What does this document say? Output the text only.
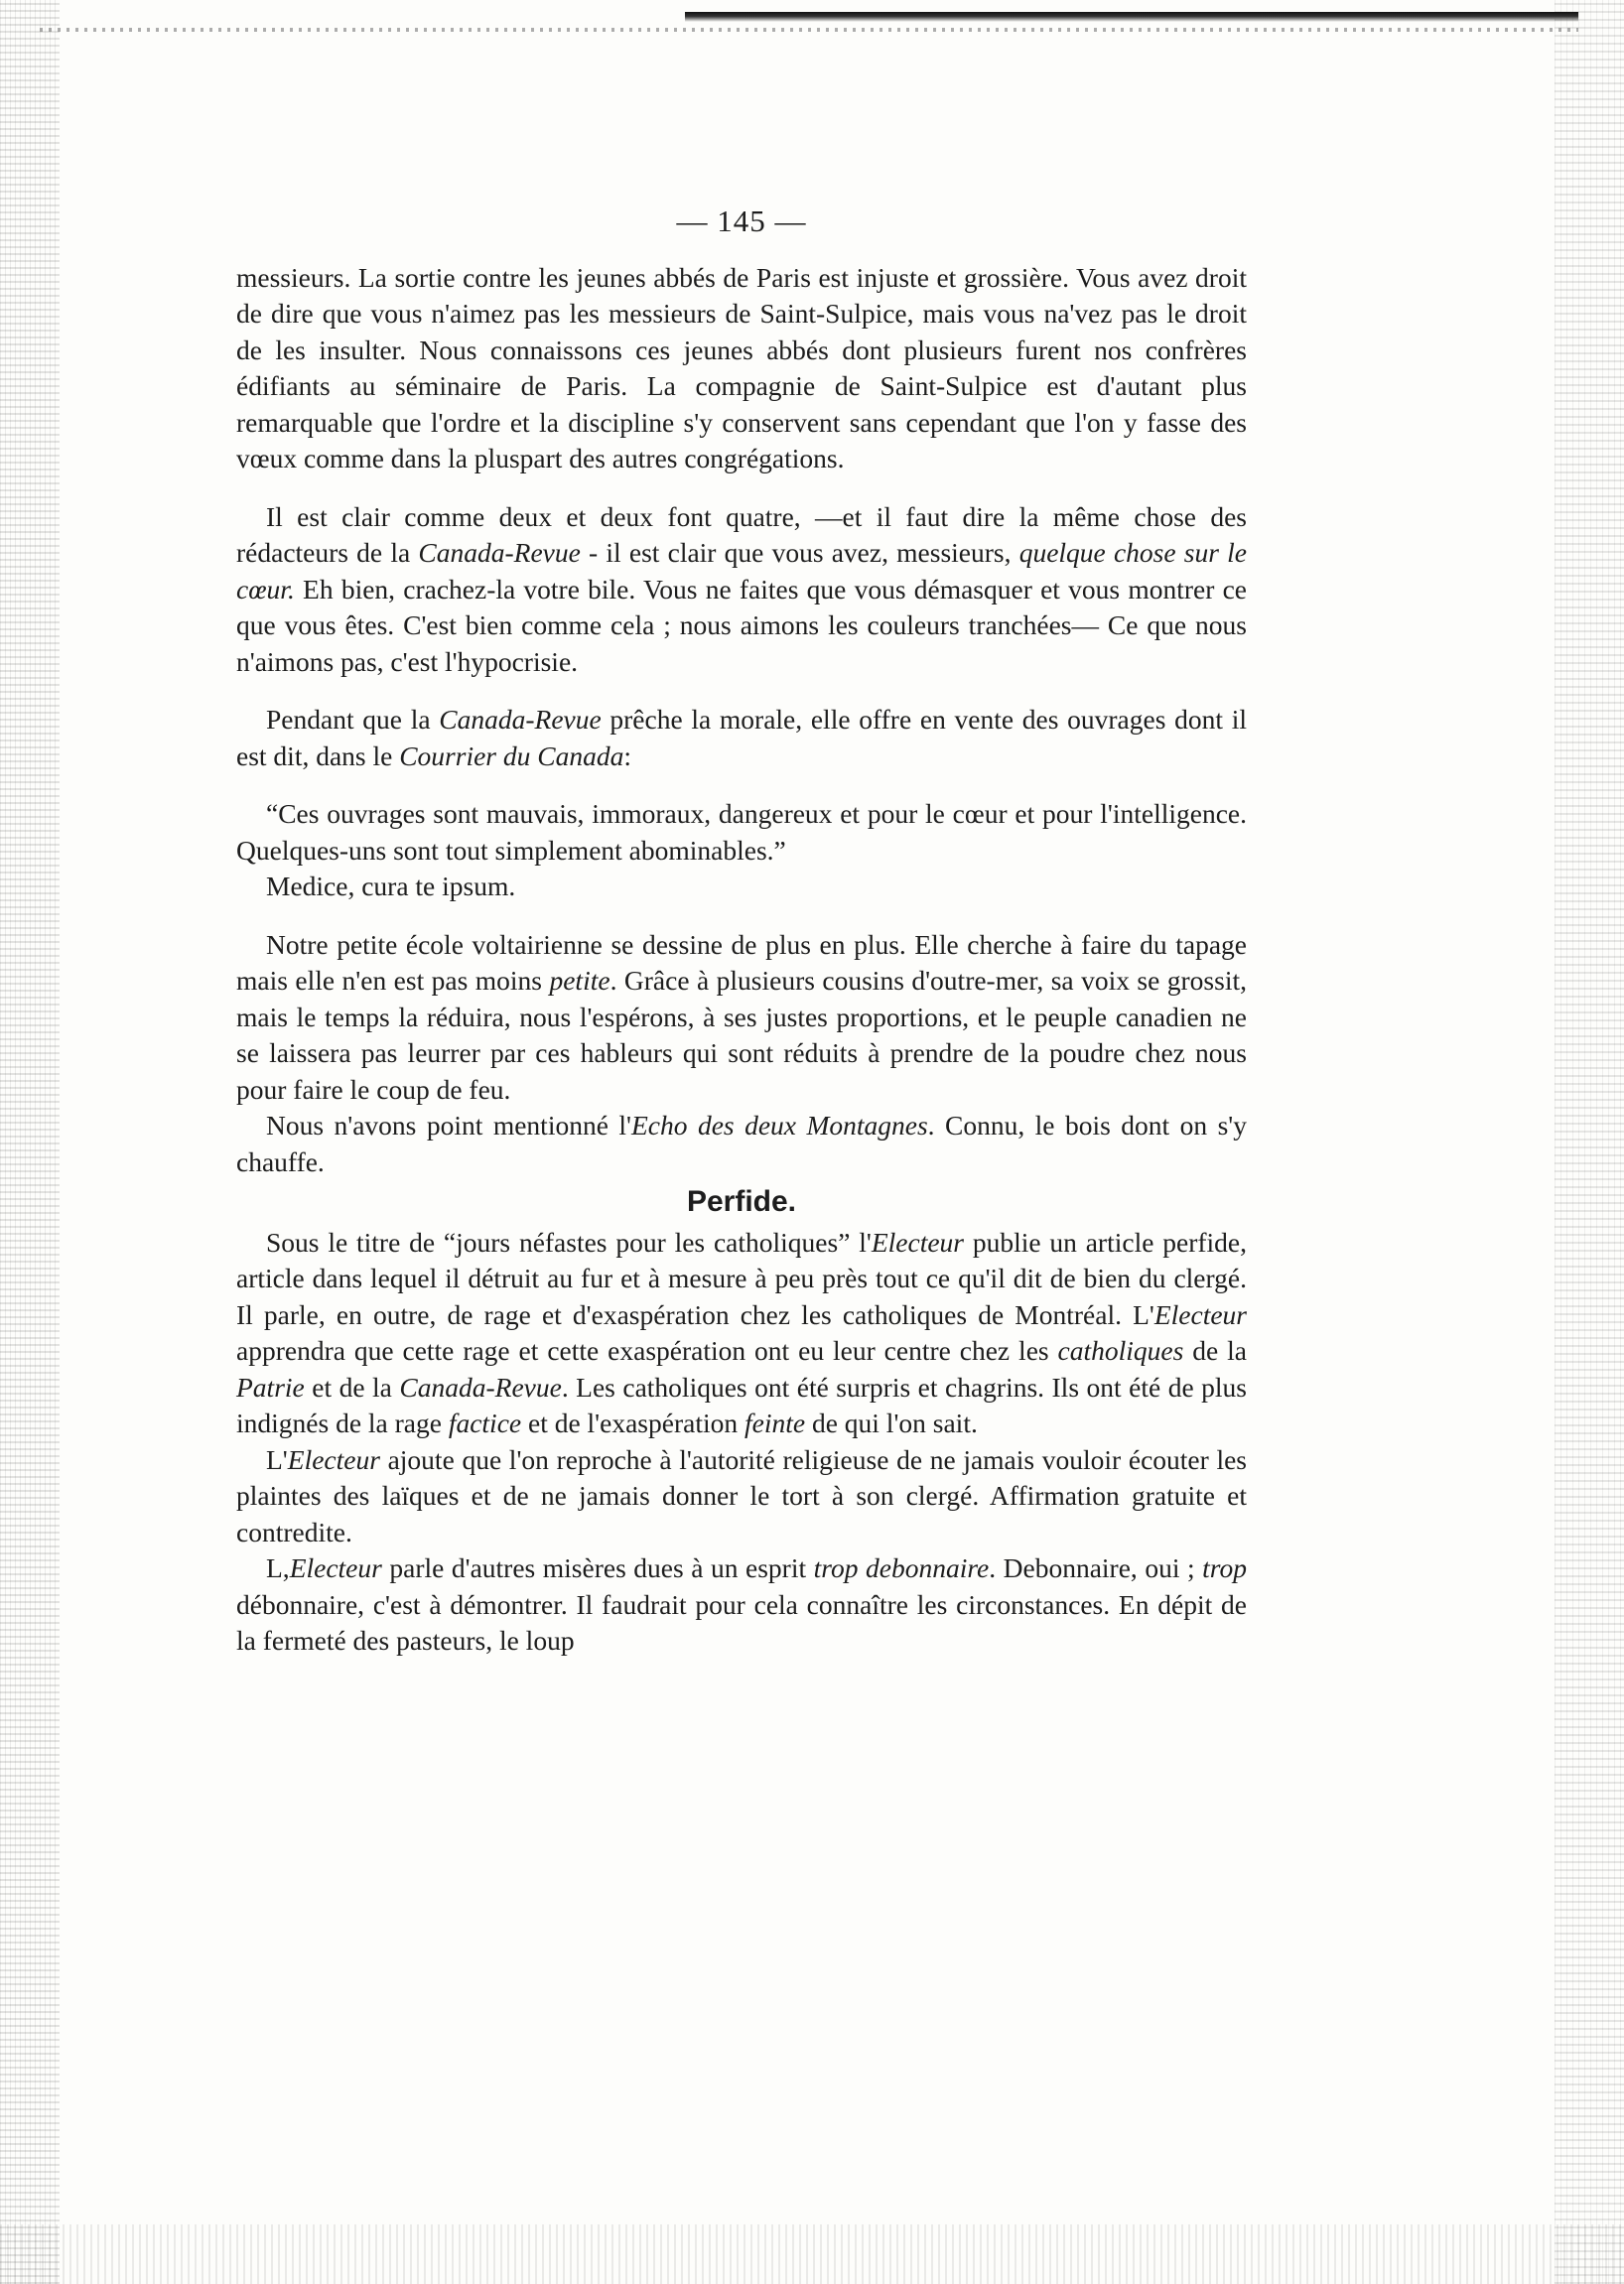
— 145 —

messieurs. La sortie contre les jeunes abbés de Paris est injuste et grossière. Vous avez droit de dire que vous n'aimez pas les messieurs de Saint-Sulpice, mais vous na'vez pas le droit de les insulter. Nous connaissons ces jeunes abbés dont plusieurs furent nos confrères édifiants au séminaire de Paris. La compagnie de Saint-Sulpice est d'autant plus remarquable que l'ordre et la discipline s'y conservent sans cependant que l'on y fasse des vœux comme dans la pluspart des autres congrégations.

Il est clair comme deux et deux font quatre, —et il faut dire la même chose des rédacteurs de la Canada-Revue - il est clair que vous avez, messieurs, quelque chose sur le cœur. Eh bien, crachez-la votre bile. Vous ne faites que vous démasquer et vous montrer ce que vous êtes. C'est bien comme cela ; nous aimons les couleurs tranchées— Ce que nous n'aimons pas, c'est l'hypocrisie.

Pendant que la Canada-Revue prêche la morale, elle offre en vente des ouvrages dont il est dit, dans le Courrier du Canada:

“Ces ouvrages sont mauvais, immoraux, dangereux et pour le cœur et pour l'intelligence. Quelques-uns sont tout simplement abominables.”

Medice, cura te ipsum.

Notre petite école voltairienne se dessine de plus en plus. Elle cherche à faire du tapage mais elle n'en est pas moins petite. Grâce à plusieurs cousins d'outre-mer, sa voix se grossit, mais le temps la réduira, nous l'espérons, à ses justes proportions, et le peuple canadien ne se laissera pas leurrer par ces hableurs qui sont réduits à prendre de la poudre chez nous pour faire le coup de feu.

Nous n'avons point mentionné l'Echo des deux Montagnes. Connu, le bois dont on s'y chauffe.

Perfide.

Sous le titre de “jours néfastes pour les catholiques” l'Electeur publie un article perfide, article dans lequel il détruit au fur et à mesure à peu près tout ce qu'il dit de bien du clergé. Il parle, en outre, de rage et d'exaspération chez les catholiques de Montréal. L'Electeur apprendra que cette rage et cette exaspération ont eu leur centre chez les catholiques de la Patrie et de la Canada-Revue. Les catholiques ont été surpris et chagrins. Ils ont été de plus indignés de la rage factice et de l'exaspération feinte de qui l'on sait.

L'Electeur ajoute que l'on reproche à l'autorité religieuse de ne jamais vouloir écouter les plaintes des laïques et de ne jamais donner le tort à son clergé. Affirmation gratuite et contredite.

L,Electeur parle d'autres misères dues à un esprit trop debonnaire. Debonnaire, oui ; trop débonnaire, c'est à démontrer. Il faudrait pour cela connaître les circonstances. En dépit de la fermeté des pasteurs, le loup
